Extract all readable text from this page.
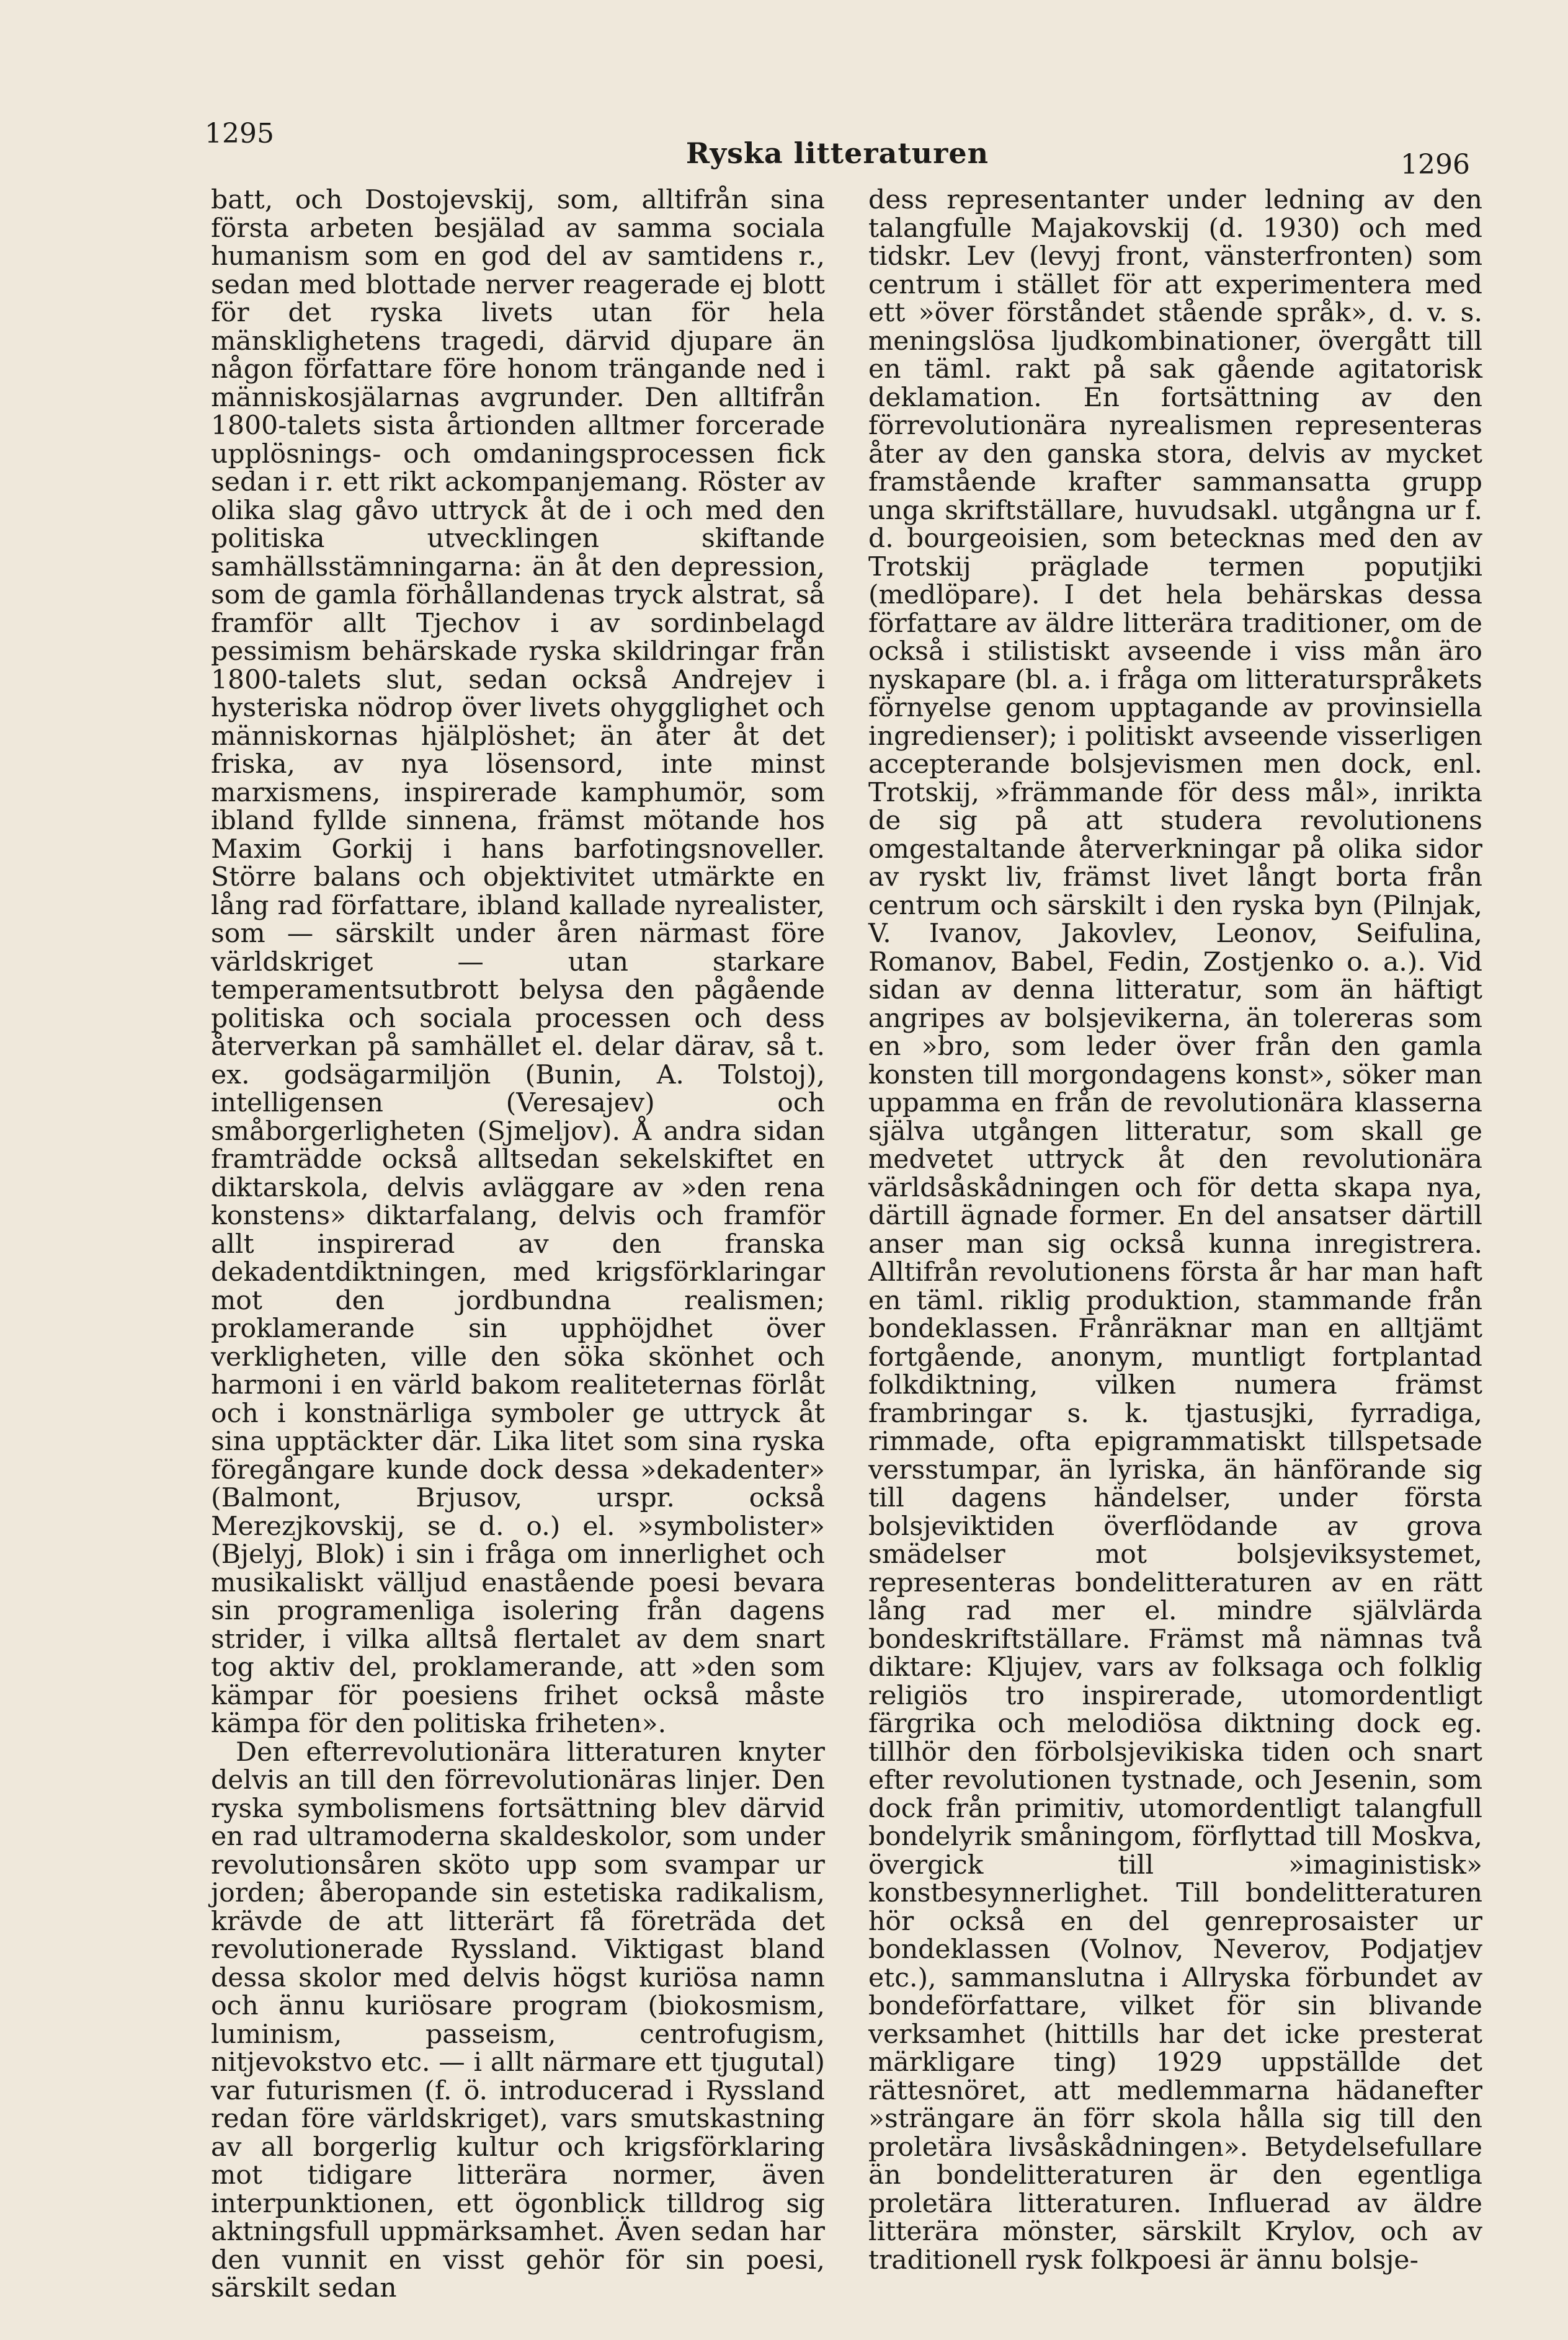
1295
Ryska litteraturen	1296

batt, och Dostojevskij, som, alltifrån sina första arbeten besjälad av samma sociala humanism som en god del av samtidens r., sedan med blottade nerver reagerade ej blott för det ryska livets utan för hela mänsklighetens tragedi, därvid djupare än någon författare före honom trängande ned i människosjälarnas avgrunder. Den alltifrån 1800-talets sista årtionden alltmer forcerade upplösnings- och omdaningsprocessen fick sedan i r. ett rikt ackompanjemang. Röster av olika slag gåvo uttryck åt de i och med den politiska utvecklingen skiftande samhällsstämningarna: än åt den depression, som de gamla förhållandenas tryck alstrat, så framför allt Tjechov i av sordinbelagd pessimism behärskade ryska skildringar från 1800-talets slut, sedan också Andrejev i hysteriska nödrop över livets ohygglighet och människornas hjälplöshet; än åter åt det friska, av nya lösensord, inte minst marxismens, inspirerade kamphumör, som ibland fyllde sinnena, främst mötande hos Maxim Gorkij i hans barfotingsnoveller. Större balans och objektivitet utmärkte en lång rad författare, ibland kallade nyrealister, som — särskilt under åren närmast före världskriget — utan starkare temperamentsutbrott belysa den pågående politiska och sociala processen och dess återverkan på samhället el. delar därav, så t. ex. godsägarmiljön (Bunin, A. Tolstoj), intelligensen (Veresajev) och småborgerligheten (Sjmeljov). Å andra sidan framträdde också alltsedan sekelskiftet en diktarskola, delvis avläggare av »den rena konstens» diktarfalang, delvis och framför allt inspirerad av den franska dekadentdiktningen, med krigsförklaringar mot den jordbundna realismen; proklamerande sin upphöjdhet över verkligheten, ville den söka skönhet och harmoni i en värld bakom realiteternas förlåt och i konstnärliga symboler ge uttryck åt sina upptäckter där. Lika litet som sina ryska föregångare kunde dock dessa »dekadenter» (Balmont, Brjusov, urspr. också Merezjkovskij, se d. o.) el. »symbolister» (Bjelyj, Blok) i sin i fråga om innerlighet och musikaliskt välljud enastående poesi bevara sin programenliga isolering från dagens strider, i vilka alltså flertalet av dem snart tog aktiv del, proklamerande, att »den som kämpar för poesiens frihet också måste kämpa för den politiska friheten».

Den efterrevolutionära litteraturen knyter delvis an till den förrevolutionäras linjer. Den ryska symbolismens fortsättning blev därvid en rad ultramoderna skaldeskolor, som under revolutionsåren sköto upp som svampar ur jorden; åberopande sin estetiska radikalism, krävde de att litterärt få företräda det revolutionerade Ryssland. Viktigast bland dessa skolor med delvis högst kuriösa namn och ännu kuriösare program (biokosmism, luminism, passeism, centrofugism, nitjevokstvo etc. — i allt närmare ett tjugutal) var futurismen (f. ö. introducerad i Ryssland redan före världskriget), vars smutskastning av all borgerlig kultur och krigsförklaring mot tidigare litterära normer, även interpunktionen, ett ögonblick tilldrog sig aktningsfull uppmärksamhet. Även sedan har den vunnit en visst gehör för sin poesi, särskilt sedan

dess representanter under ledning av den talangfulle Majakovskij (d. 1930) och med tidskr. Lev (levyj front, vänsterfronten) som centrum i stället för att experimentera med ett »över förståndet stående språk», d. v. s. meningslösa ljudkombinationer, övergått till en täml. rakt på sak gående agitatorisk deklamation. En fortsättning av den förrevolutionära nyrealismen representeras åter av den ganska stora, delvis av mycket framstående krafter sammansatta grupp unga skriftställare, huvudsakl. utgångna ur f. d. bourgeoisien, som betecknas med den av Trotskij präglade termen poputjiki (medlöpare). I det hela behärskas dessa författare av äldre litterära traditioner, om de också i stilistiskt avseende i viss mån äro nyskapare (bl. a. i fråga om litteraturspråkets förnyelse genom upptagande av provinsiella ingredienser); i politiskt avseende visserligen accepterande bolsjevismen men dock, enl. Trotskij, »främmande för dess mål», inrikta de sig på att studera revolutionens omgestaltande återverkningar på olika sidor av ryskt liv, främst livet långt borta från centrum och särskilt i den ryska byn (Pilnjak, V. Ivanov, Jakovlev, Leonov, Seifulina, Romanov, Babel, Fedin, Zostjenko o. a.). Vid sidan av denna litteratur, som än häftigt angripes av bolsjevikerna, än tolereras som en »bro, som leder över från den gamla konsten till morgondagens konst», söker man uppamma en från de revolutionära klasserna själva utgången litteratur, som skall ge medvetet uttryck åt den revolutionära världsåskådningen och för detta skapa nya, därtill ägnade former. En del ansatser därtill anser man sig också kunna inregistrera. Alltifrån revolutionens första år har man haft en täml. riklig produktion, stammande från bondeklassen. Frånräknar man en alltjämt fortgående, anonym, muntligt fortplantad folkdiktning, vilken numera främst frambringar s. k. tjastusjki, fyrradiga, rimmade, ofta epigrammatiskt tillspetsade versstumpar, än lyriska, än hänförande sig till dagens händelser, under första bolsjeviktiden överflödande av grova smädelser mot bolsjeviksystemet, representeras bondelitteraturen av en rätt lång rad mer el. mindre självlärda bondeskriftställare. Främst må nämnas två diktare: Kljujev, vars av folksaga och folklig religiös tro inspirerade, utomordentligt färgrika och melodiösa diktning dock eg. tillhör den förbolsjevikiska tiden och snart efter revolutionen tystnade, och Jesenin, som dock från primitiv, utomordentligt talangfull bondelyrik småningom, förflyttad till Moskva, övergick till »imaginistisk» konstbesynnerlighet. Till bondelitteraturen hör också en del genreprosaister ur bondeklassen (Volnov, Neverov, Podjatjev etc.), sammanslutna i Allryska förbundet av bondeförfattare, vilket för sin blivande verksamhet (hittills har det icke presterat märkligare ting) 1929 uppställde det rättesnöret, att medlemmarna hädanefter »strängare än förr skola hålla sig till den proletära livsåskådningen». Betydelsefullare än bondelitteraturen är den egentliga proletära litteraturen. Influerad av äldre litterära mönster, särskilt Krylov, och av traditionell rysk folkpoesi är ännu bolsje-
